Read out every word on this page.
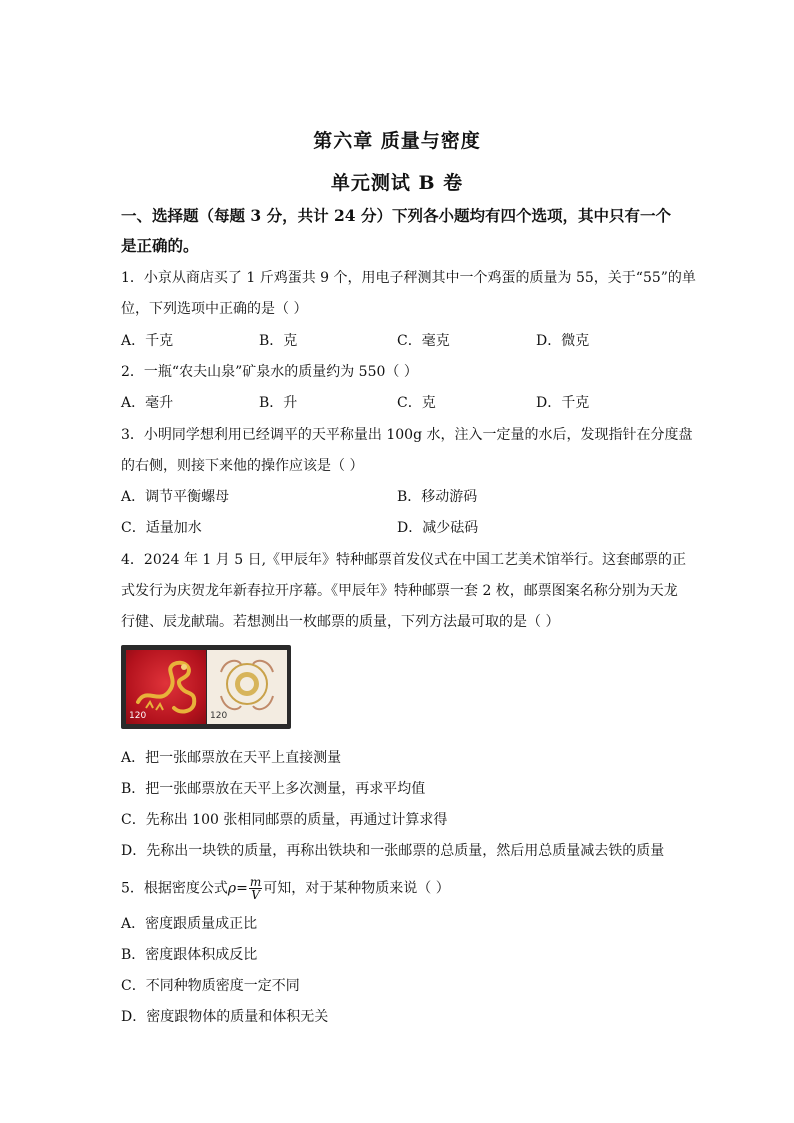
第六章 质量与密度
单元测试 B 卷
一、选择题（每题 3 分，共计 24 分）下列各小题均有四个选项，其中只有一个
是正确的。
1．小京从商店买了 1 斤鸡蛋共 9 个，用电子秤测其中一个鸡蛋的质量为 55，关于“55”的单
位，下列选项中正确的是（ ）
A．千克	B．克	C．毫克	D．微克
2．一瓶“农夫山泉”矿泉水的质量约为 550（ ）
A．毫升	B．升	C．克	D．千克
3．小明同学想利用已经调平的天平称量出 100g 水，注入一定量的水后，发现指针在分度盘
的右侧，则接下来他的操作应该是（ ）
A．调节平衡螺母	B．移动游码
C．适量加水	D．减少砝码
4．2024 年 1 月 5 日,《甲辰年》特种邮票首发仪式在中国工艺美术馆举行。这套邮票的正
式发行为庆贺龙年新春拉开序幕。《甲辰年》特种邮票一套 2 枚，邮票图案名称分别为天龙
行健、辰龙献瑞。若想测出一枚邮票的质量，下列方法最可取的是（ ）
120	120
A．把一张邮票放在天平上直接测量
B．把一张邮票放在天平上多次测量，再求平均值
C．先称出 100 张相同邮票的质量，再通过计算求得
D．先称出一块铁的质量，再称出铁块和一张邮票的总质量，然后用总质量减去铁的质量
5．根据密度公式$\rho= \frac{m}{V}$ 可知，对于某种物质来说（ ）
A．密度跟质量成正比
B．密度跟体积成反比
C．不同种物质密度一定不同
D．密度跟物体的质量和体积无关
